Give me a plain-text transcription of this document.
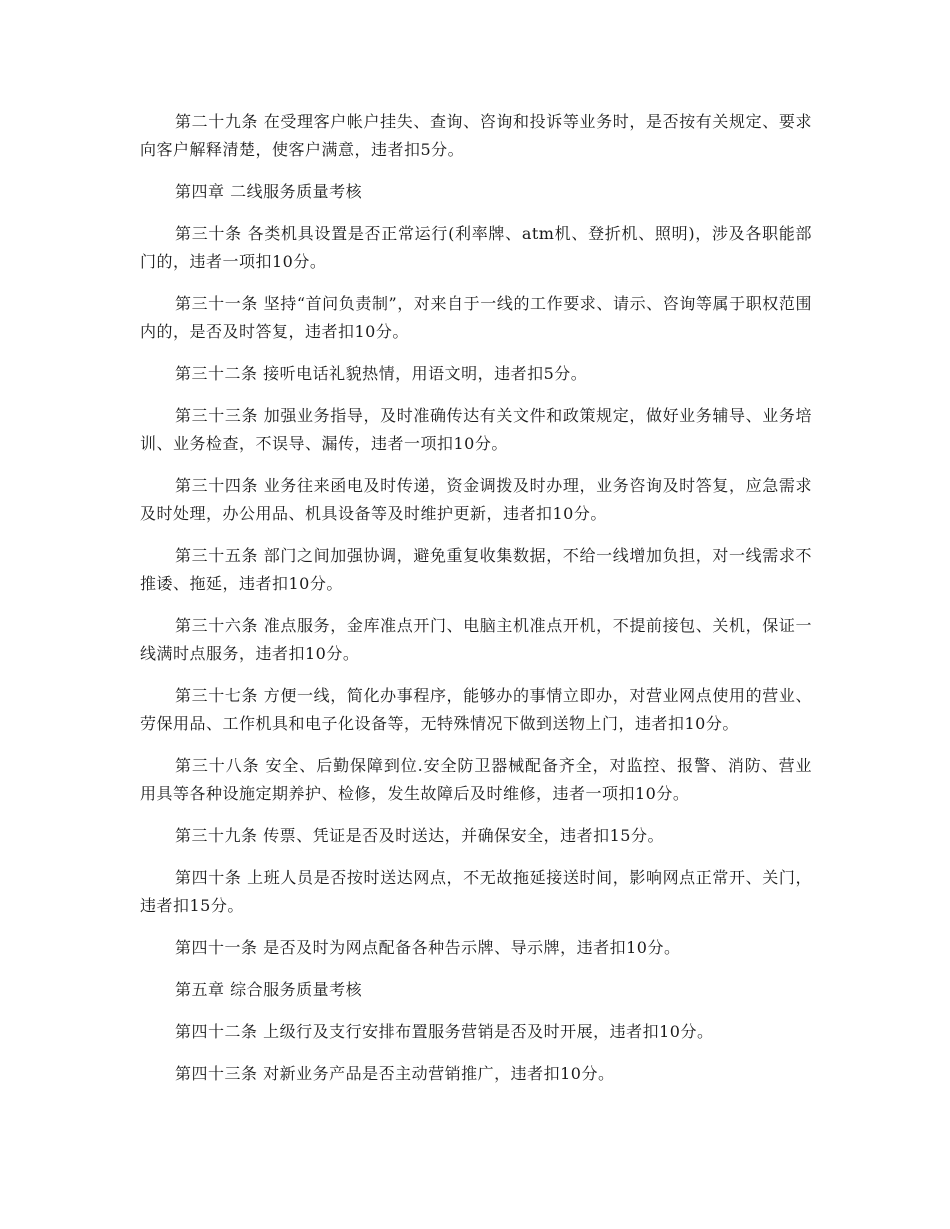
第二十九条 在受理客户帐户挂失、查询、咨询和投诉等业务时，是否按有关规定、要求向客户解释清楚，使客户满意，违者扣5分。

第四章 二线服务质量考核

第三十条 各类机具设置是否正常运行(利率牌、atm机、登折机、照明)，涉及各职能部门的，违者一项扣10分。

第三十一条 坚持“首问负责制”，对来自于一线的工作要求、请示、咨询等属于职权范围内的，是否及时答复，违者扣10分。

第三十二条 接听电话礼貌热情，用语文明，违者扣5分。

第三十三条 加强业务指导，及时准确传达有关文件和政策规定，做好业务辅导、业务培训、业务检查，不误导、漏传，违者一项扣10分。

第三十四条 业务往来函电及时传递，资金调拨及时办理，业务咨询及时答复，应急需求及时处理，办公用品、机具设备等及时维护更新，违者扣10分。

第三十五条 部门之间加强协调，避免重复收集数据，不给一线增加负担，对一线需求不推诿、拖延，违者扣10分。

第三十六条 准点服务，金库准点开门、电脑主机准点开机，不提前接包、关机，保证一线满时点服务，违者扣10分。

第三十七条 方便一线，简化办事程序，能够办的事情立即办，对营业网点使用的营业、劳保用品、工作机具和电子化设备等，无特殊情况下做到送物上门，违者扣10分。

第三十八条 安全、后勤保障到位.安全防卫器械配备齐全，对监控、报警、消防、营业用具等各种设施定期养护、检修，发生故障后及时维修，违者一项扣10分。

第三十九条 传票、凭证是否及时送达，并确保安全，违者扣15分。

第四十条 上班人员是否按时送达网点，不无故拖延接送时间，影响网点正常开、关门，违者扣15分。

第四十一条 是否及时为网点配备各种告示牌、导示牌，违者扣10分。

第五章 综合服务质量考核

第四十二条 上级行及支行安排布置服务营销是否及时开展，违者扣10分。

第四十三条 对新业务产品是否主动营销推广，违者扣10分。
